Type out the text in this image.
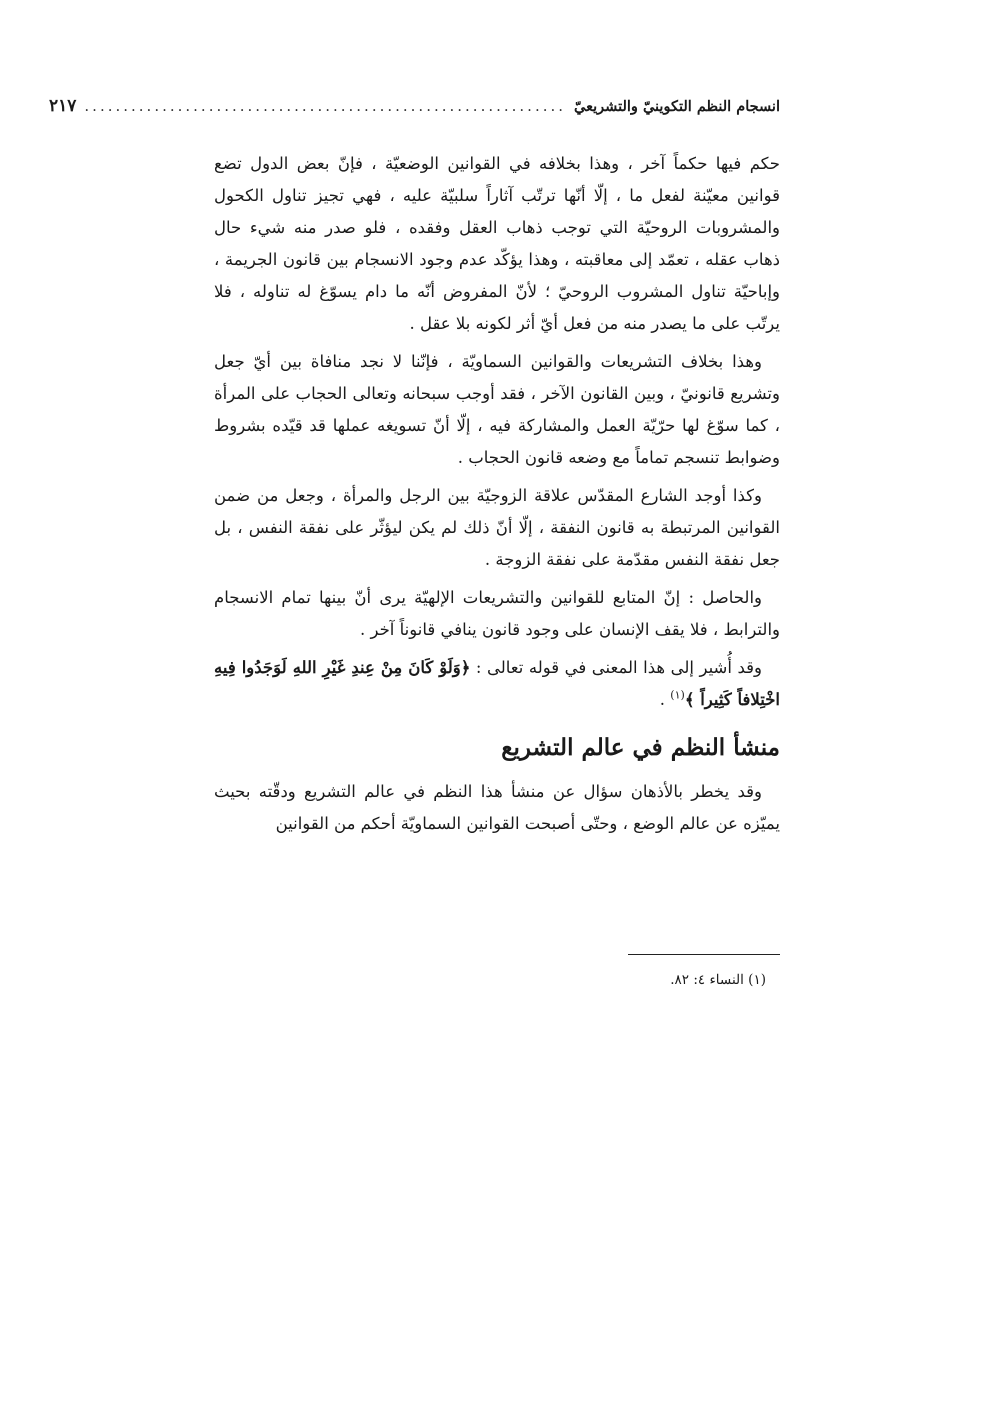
انسجام النظم التكوينيّ والتشريعيّ
..............................................................
٢١٧

حكم فيها حكماً آخر ، وهذا بخلافه في القوانين الوضعيّة ، فإنّ بعض الدول تضع قوانين معيّنة لفعل ما ، إلّا أنّها ترتّب آثاراً سلبيّة عليه ، فهي تجيز تناول الكحول والمشروبات الروحيّة التي توجب ذهاب العقل وفقده ، فلو صدر منه شيء حال ذهاب عقله ، تعمّد إلى معاقبته ، وهذا يؤكّد عدم وجود الانسجام بين قانون الجريمة ، وإباحيّة تناول المشروب الروحيّ ؛ لأنّ المفروض أنّه ما دام يسوّغ له تناوله ، فلا يرتّب على ما يصدر منه من فعل أيّ أثر لكونه بلا عقل .

وهذا بخلاف التشريعات والقوانين السماويّة ، فإنّنا لا نجد منافاة بين أيّ جعل وتشريع قانونيّ ، وبين القانون الآخر ، فقد أوجب سبحانه وتعالى الحجاب على المرأة ، كما سوّغ لها حرّيّة العمل والمشاركة فيه ، إلّا أنّ تسويغه عملها قد قيّده بشروط وضوابط تنسجم تماماً مع وضعه قانون الحجاب .

وكذا أوجد الشارع المقدّس علاقة الزوجيّة بين الرجل والمرأة ، وجعل من ضمن القوانين المرتبطة به قانون النفقة ، إلّا أنّ ذلك لم يكن ليؤثّر على نفقة النفس ، بل جعل نفقة النفس مقدّمة على نفقة الزوجة .

والحاصل : إنّ المتابع للقوانين والتشريعات الإلهيّة يرى أنّ بينها تمام الانسجام والترابط ، فلا يقف الإنسان على وجود قانون ينافي قانوناً آخر .

وقد أُشير إلى هذا المعنى في قوله تعالى : ﴿وَلَوْ كَانَ مِنْ عِندِ غَيْرِ اللهِ لَوَجَدُوا فِيهِ اخْتِلافاً كَثِيراً ﴾$^{(١)}$ .

منشأ النظم في عالم التشريع

وقد يخطر بالأذهان سؤال عن منشأ هذا النظم في عالم التشريع ودقّته بحيث يميّزه عن عالم الوضع ، وحتّى أصبحت القوانين السماويّة أحكم من القوانين

(١) النساء ٤: ٨٢.
